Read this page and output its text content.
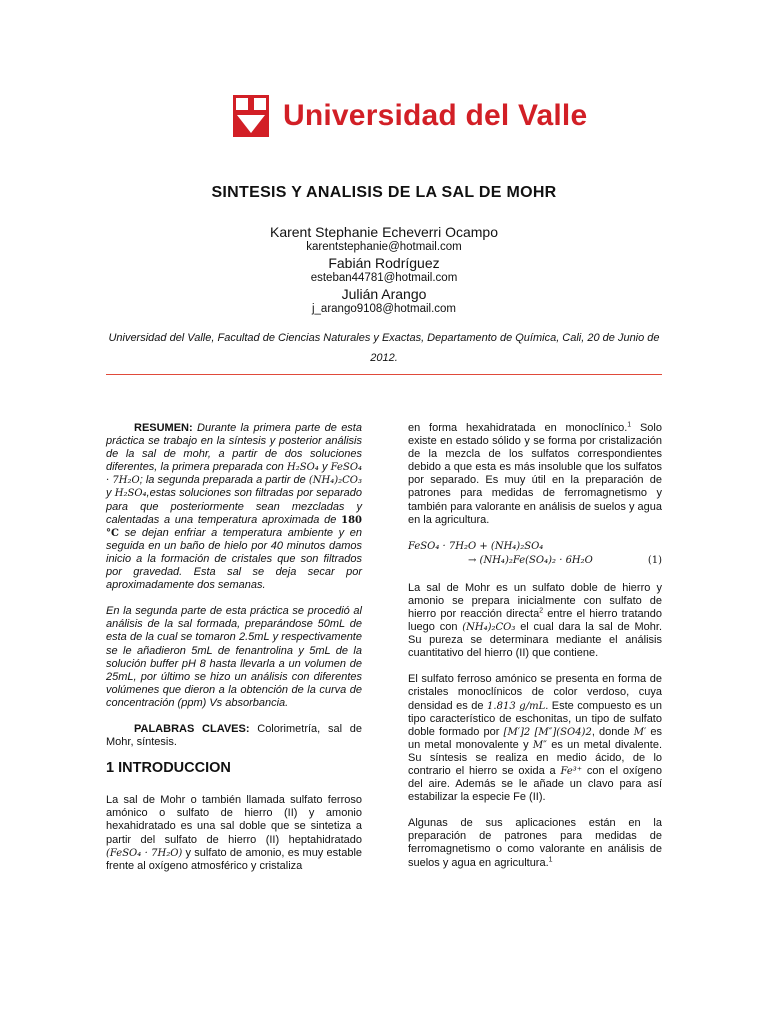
Universidad del Valle
SINTESIS Y ANALISIS DE LA SAL DE MOHR
Karent Stephanie Echeverri Ocampo
karentstephanie@hotmail.com
Fabián Rodríguez
esteban44781@hotmail.com
Julián Arango
j_arango9108@hotmail.com
Universidad del Valle, Facultad de Ciencias Naturales y Exactas, Departamento de Química, Cali, 20 de Junio de 2012.

RESUMEN: Durante la primera parte de esta práctica se trabajo en la síntesis y posterior análisis de la sal de mohr, a partir de dos soluciones diferentes, la primera preparada con H₂SO₄ y FeSO₄ · 7H₂O; la segunda preparada a partir de (NH₄)₂CO₃ y H₂SO₄,estas soluciones son filtradas por separado para que posteriormente sean mezcladas y calentadas a una temperatura aproximada de 180 °C se dejan enfriar a temperatura ambiente y en seguida en un baño de hielo por 40 minutos damos inicio a la formación de cristales que son filtrados por gravedad. Esta sal se deja secar por aproximadamente dos semanas.

En la segunda parte de esta práctica se procedió al análisis de la sal formada, preparándose 50mL de esta de la cual se tomaron 2.5mL y respectivamente se le añadieron 5mL de fenantrolina y 5mL de la solución buffer pH 8 hasta llevarla a un volumen de 25mL, por último se hizo un análisis con diferentes volúmenes que dieron a la obtención de la curva de concentración (ppm) Vs absorbancia.

PALABRAS CLAVES: Colorimetría, sal de Mohr, síntesis.

1 INTRODUCCION

La sal de Mohr o también llamada sulfato ferroso amónico o sulfato de hierro (II) y amonio hexahidratado es una sal doble que se sintetiza a partir del sulfato de hierro (II) heptahidratado (FeSO₄ · 7H₂O) y sulfato de amonio, es muy estable frente al oxígeno atmosférico y cristaliza

en forma hexahidratada en monoclínico.$^1$ Solo existe en estado sólido y se forma por cristalización de la mezcla de los sulfatos correspondientes debido a que esta es más insoluble que los sulfatos por separado. Es muy útil en la preparación de patrones para medidas de ferromagnetismo y también para valorante en análisis de suelos y agua en la agricultura.

FeSO₄ · 7H₂O + (NH₄)₂SO₄
→ (NH₄)₂Fe(SO₄)₂ · 6H₂O	(1)

La sal de Mohr es un sulfato doble de hierro y amonio se prepara inicialmente con sulfato de hierro por reacción directa$^2$ entre el hierro tratando luego con (NH₄)₂CO₃ el cual dara la sal de Mohr. Su pureza se determinara mediante el análisis cuantitativo del hierro (II) que contiene.

El sulfato ferroso amónico se presenta en forma de cristales monoclínicos de color verdoso, cuya densidad es de 1.813 g/mL. Este compuesto es un tipo característico de eschonitas, un tipo de sulfato doble formado por [M′]2 [M″](SO4)2, donde M′ es un metal monovalente y M″ es un metal divalente. Su síntesis se realiza en medio ácido, de lo contrario el hierro se oxida a Fe³⁺ con el oxígeno del aire. Además se le añade un clavo para así estabilizar la especie Fe (II).

Algunas de sus aplicaciones están en la preparación de patrones para medidas de ferromagnetismo o como valorante en análisis de suelos y agua en agricultura.$^1$
